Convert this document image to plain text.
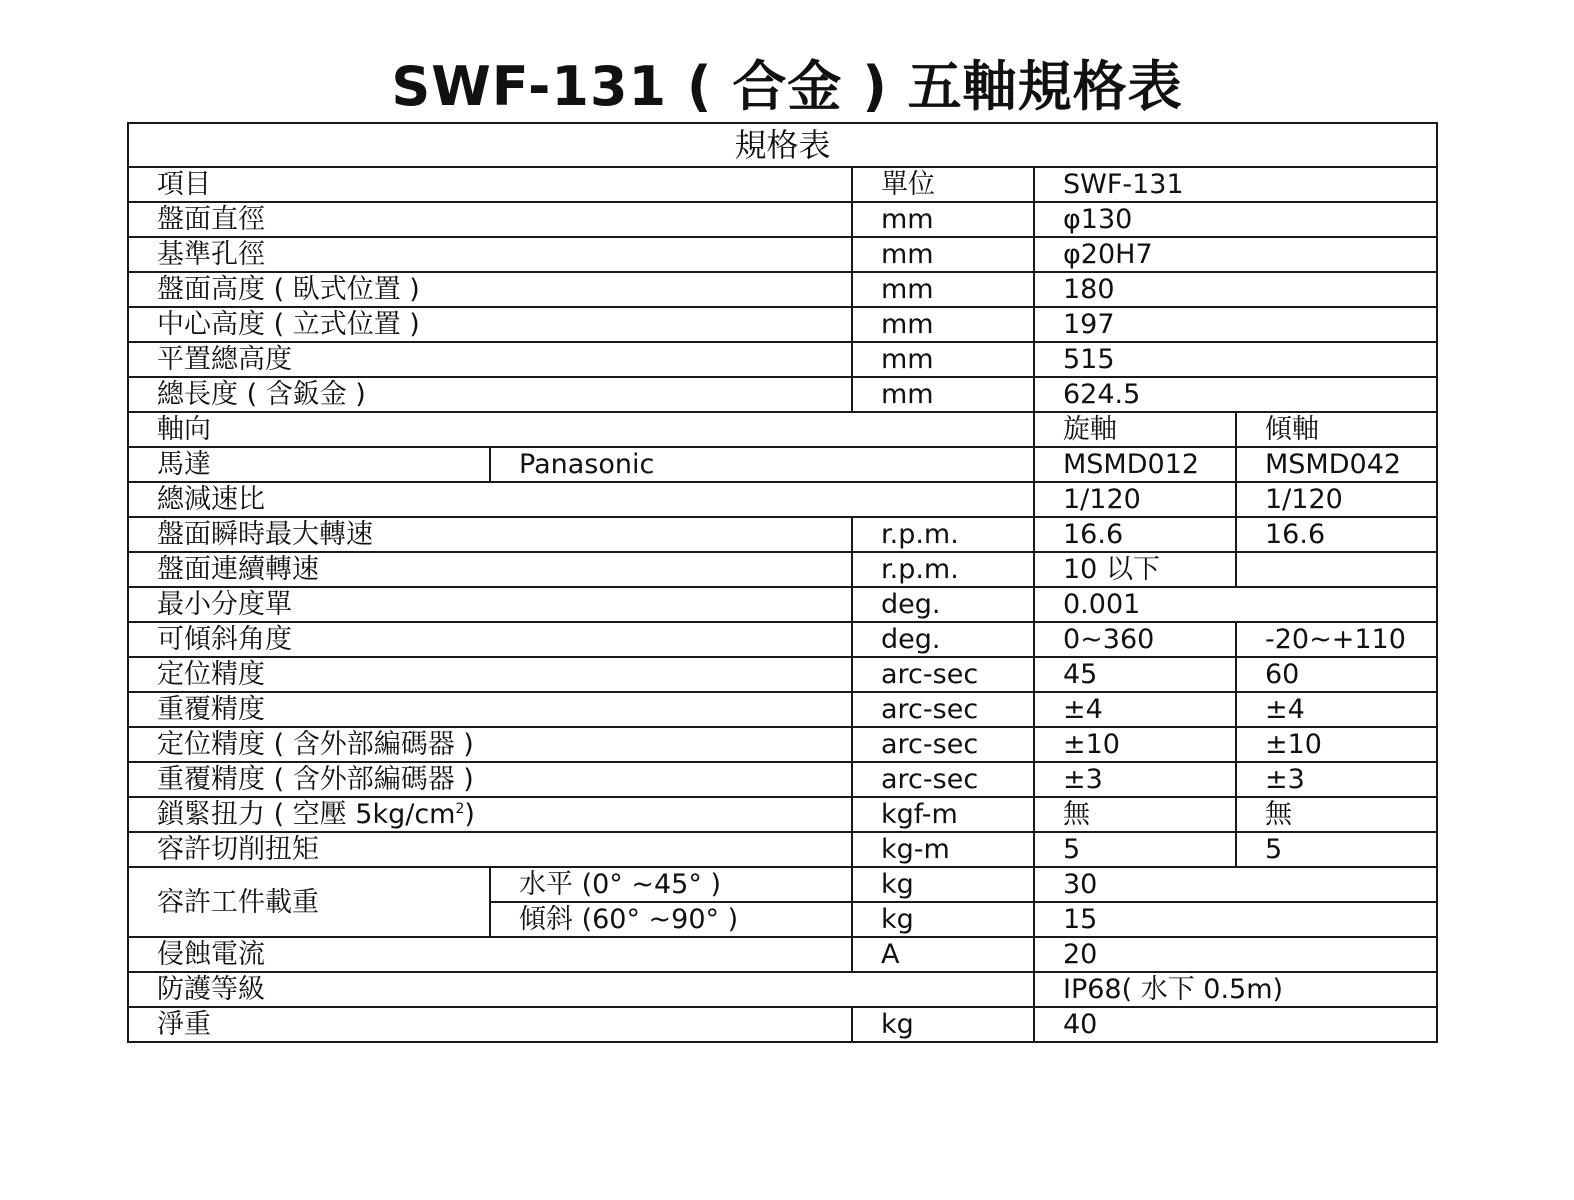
SWF-131 ( 合金 ) 五軸規格表
規格表				
項目		單位	SWF-131	
盤面直徑		mm	φ130	
基準孔徑		mm	φ20H7	
盤面高度 ( 臥式位置 )		mm	180	
中心高度 ( 立式位置 )		mm	197	
平置總高度		mm	515	
總長度 ( 含鈑金 )		mm	624.5	
軸向			旋軸	傾軸
馬達	Panasonic		MSMD012	MSMD042
總減速比			1/120	1/120
盤面瞬時最大轉速		r.p.m.	16.6	16.6
盤面連續轉速		r.p.m.	10 以下	
最小分度單		deg.	0.001	
可傾斜角度		deg.	0~360	-20~+110
定位精度		arc-sec	45	60
重覆精度		arc-sec	±4	±4
定位精度 ( 含外部編碼器 )		arc-sec	±10	±10
重覆精度 ( 含外部編碼器 )		arc-sec	±3	±3
鎖緊扭力 ( 空壓 $5kg/cm^2$)		kgf-m	無	無
容許切削扭矩		kg-m	5	5
容許工件載重	水平 (0° ~45° )	kg	30	
	傾斜 (60° ~90° )	kg	15	
侵蝕電流		A	20	
防護等級			IP68( 水下 0.5m)	
淨重		kg	40	
